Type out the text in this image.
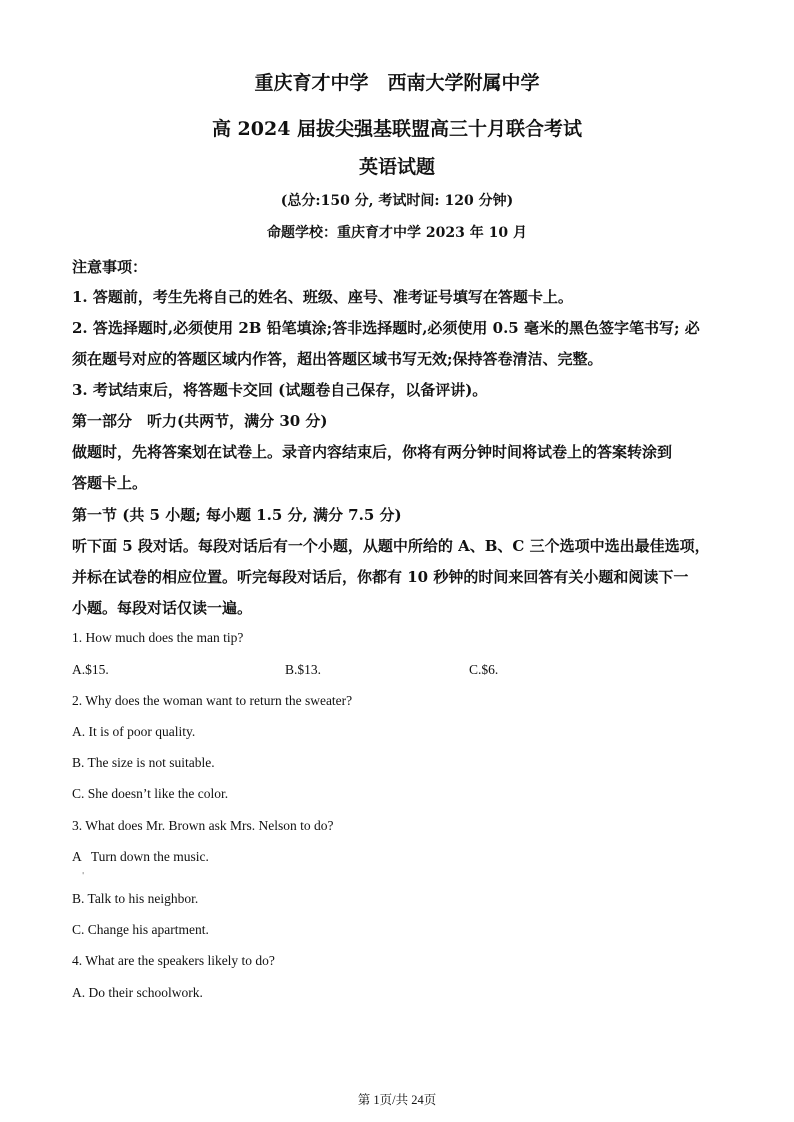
重庆育才中学　西南大学附属中学
高 2024 届拔尖强基联盟高三十月联合考试
英语试题
(总分:150 分, 考试时间: 120 分钟)
命题学校：重庆育才中学 2023 年 10 月
注意事项：
1. 答题前，考生先将自己的姓名、班级、座号、准考证号填写在答题卡上。
2. 答选择题时,必须使用 2B 铅笔填涂;答非选择题时,必须使用 0.5 毫米的黑色签字笔书写; 必
须在题号对应的答题区域内作答，超出答题区域书写无效;保持答卷清洁、完整。
3. 考试结束后，将答题卡交回 (试题卷自己保存，以备评讲)。
第一部分　听力(共两节，满分 30 分)
做题时，先将答案划在试卷上。录音内容结束后，你将有两分钟时间将试卷上的答案转涂到
答题卡上。
第一节 (共 5 小题; 每小题 1.5 分, 满分 7.5 分)
听下面 5 段对话。每段对话后有一个小题，从题中所给的 A、B、C 三个选项中选出最佳选项，
并标在试卷的相应位置。听完每段对话后，你都有 10 秒钟的时间来回答有关小题和阅读下一
小题。每段对话仅读一遍。
1. How much does the man tip?
A.$15.	B.$13.	C.$6.
2. Why does the woman want to return the sweater?
A. It is of poor quality.
B. The size is not suitable.
C. She doesn’t like the color.
3. What does Mr. Brown ask Mrs. Nelson to do?
A   Turn down the music.
'
B. Talk to his neighbor.
C. Change his apartment.
4. What are the speakers likely to do?
A. Do their schoolwork.
第 1页/共 24页
